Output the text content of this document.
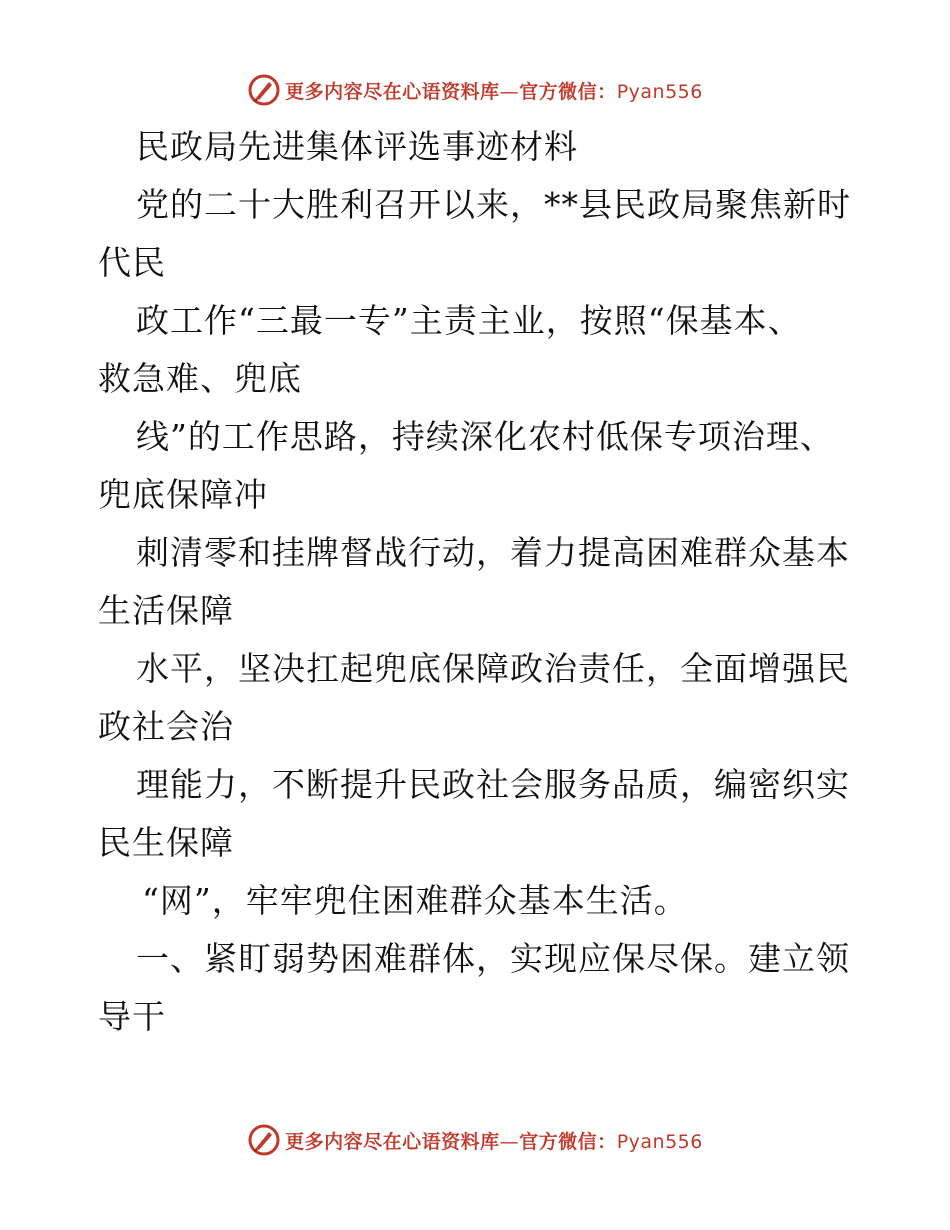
更多内容尽在心语资料库—官方微信：Pyan556
民政局先进集体评选事迹材料
党的二十大胜利召开以来，**县民政局聚焦新时
代民
政工作“三最一专”主责主业，按照“保基本、
救急难、兜底
线”的工作思路，持续深化农村低保专项治理、
兜底保障冲
刺清零和挂牌督战行动，着力提高困难群众基本
生活保障
水平，坚决扛起兜底保障政治责任，全面增强民
政社会治
理能力，不断提升民政社会服务品质，编密织实
民生保障
“网”，牢牢兜住困难群众基本生活。
一、紧盯弱势困难群体，实现应保尽保。建立领
导干
更多内容尽在心语资料库—官方微信：Pyan556
